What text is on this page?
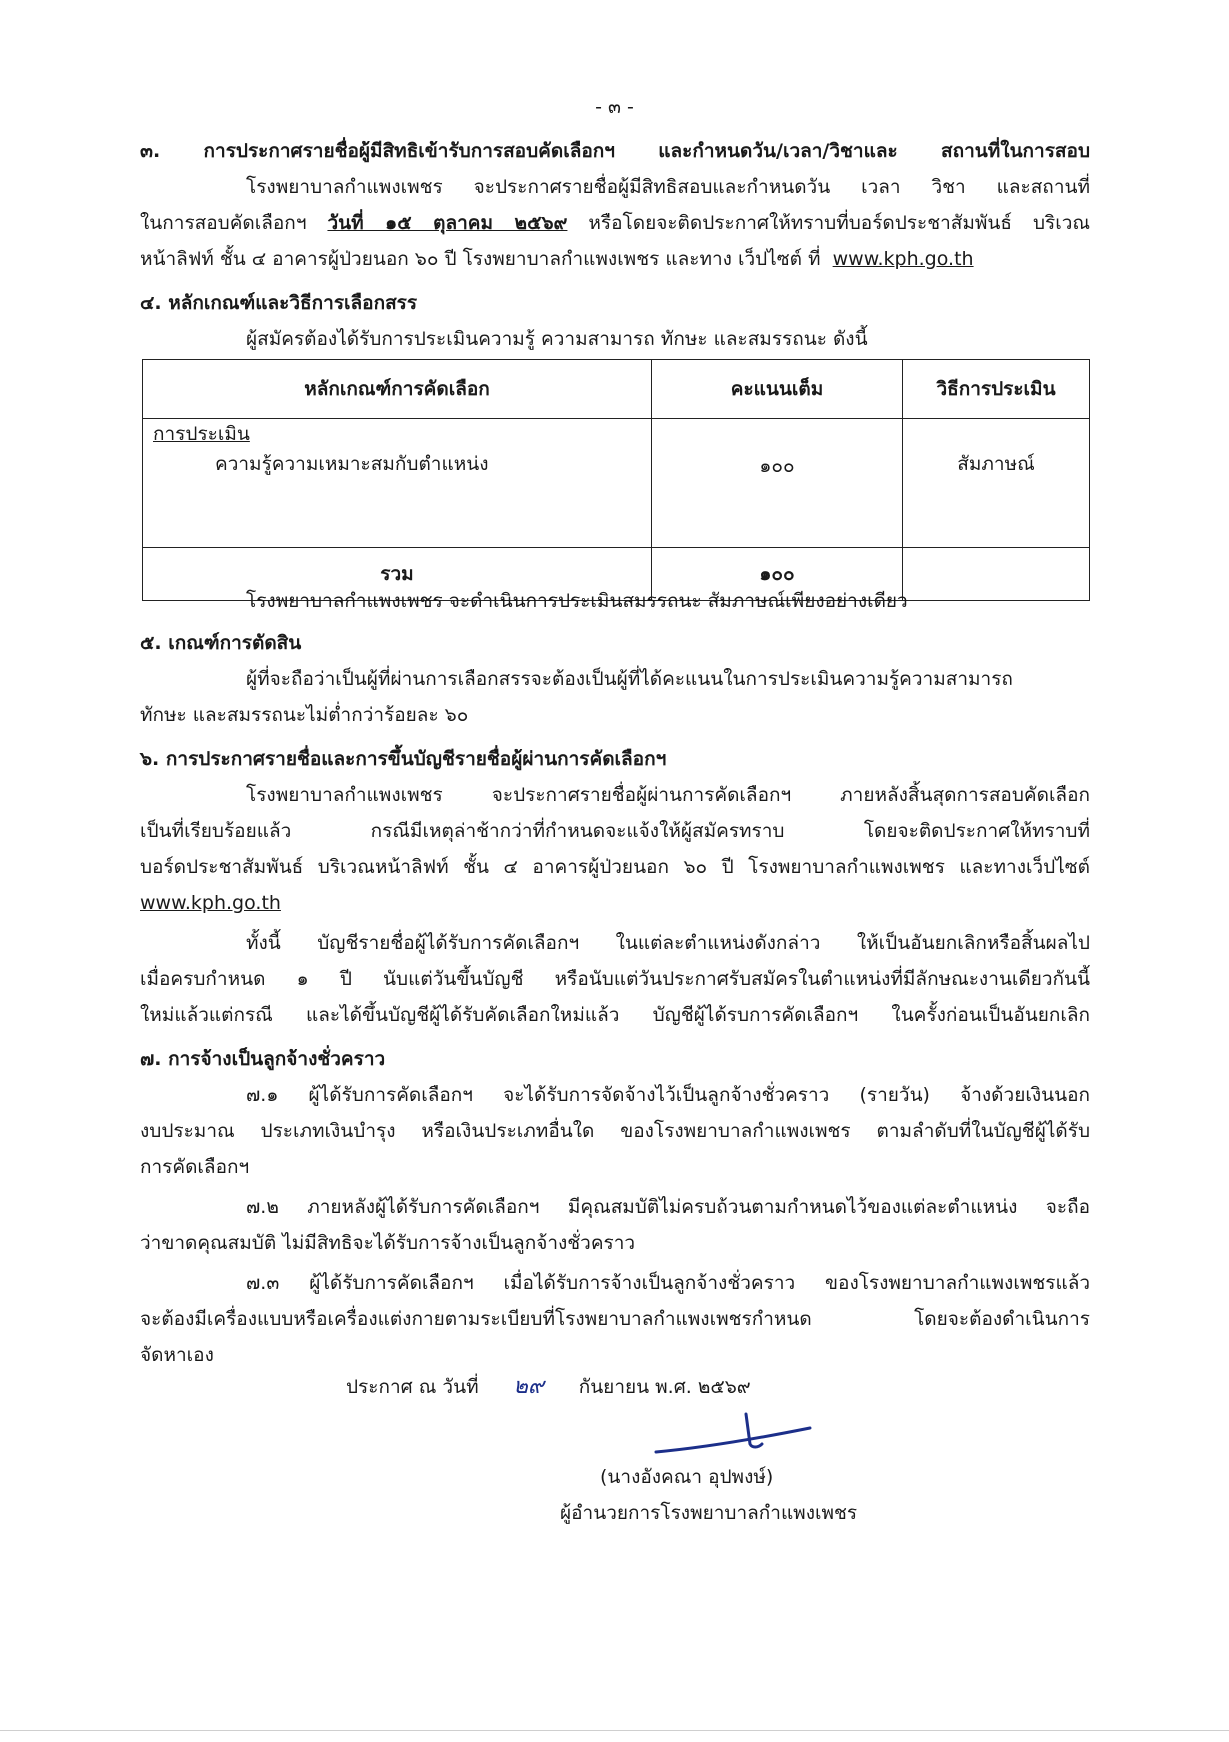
- ๓ -
๓. การประกาศรายชื่อผู้มีสิทธิเข้ารับการสอบคัดเลือกฯ และกำหนดวัน/เวลา/วิชาและ สถานที่ในการสอบ
โรงพยาบาลกำแพงเพชร จะประกาศรายชื่อผู้มีสิทธิสอบและกำหนดวัน เวลา วิชา และสถานที่
ในการสอบคัดเลือกฯ วันที่ ๑๕ ตุลาคม ๒๕๖๙ หรือโดยจะติดประกาศให้ทราบที่บอร์ดประชาสัมพันธ์ บริเวณ
หน้าลิฟท์ ชั้น ๔ อาคารผู้ป่วยนอก ๖๐ ปี โรงพยาบาลกำแพงเพชร และทาง เว็ปไซต์ ที่ www.kph.go.th
๔. หลักเกณฑ์และวิธีการเลือกสรร
ผู้สมัครต้องได้รับการประเมินความรู้ ความสามารถ ทักษะ และสมรรถนะ ดังนี้
หลักเกณฑ์การคัดเลือก	คะแนนเต็ม	วิธีการประเมิน

การประเมิน
ความรู้ความเหมาะสมกับตำแหน่ง	๑๐๐	สัมภาษณ์
รวม	๑๐๐	
โรงพยาบาลกำแพงเพชร จะดำเนินการประเมินสมรรถนะ สัมภาษณ์เพียงอย่างเดียว
๕. เกณฑ์การตัดสิน
ผู้ที่จะถือว่าเป็นผู้ที่ผ่านการเลือกสรรจะต้องเป็นผู้ที่ได้คะแนนในการประเมินความรู้ความสามารถ
ทักษะ และสมรรถนะไม่ต่ำกว่าร้อยละ ๖๐
๖. การประกาศรายชื่อและการขึ้นบัญชีรายชื่อผู้ผ่านการคัดเลือกฯ
โรงพยาบาลกำแพงเพชร จะประกาศรายชื่อผู้ผ่านการคัดเลือกฯ ภายหลังสิ้นสุดการสอบคัดเลือก
เป็นที่เรียบร้อยแล้ว กรณีมีเหตุล่าช้ากว่าที่กำหนดจะแจ้งให้ผู้สมัครทราบ โดยจะติดประกาศให้ทราบที่
บอร์ดประชาสัมพันธ์ บริเวณหน้าลิฟท์ ชั้น ๔ อาคารผู้ป่วยนอก ๖๐ ปี โรงพยาบาลกำแพงเพชร และทางเว็ปไซต์
www.kph.go.th
ทั้งนี้ บัญชีรายชื่อผู้ได้รับการคัดเลือกฯ ในแต่ละตำแหน่งดังกล่าว ให้เป็นอันยกเลิกหรือสิ้นผลไป
เมื่อครบกำหนด ๑ ปี นับแต่วันขึ้นบัญชี หรือนับแต่วันประกาศรับสมัครในตำแหน่งที่มีลักษณะงานเดียวกันนี้
ใหม่แล้วแต่กรณี และได้ขึ้นบัญชีผู้ได้รับคัดเลือกใหม่แล้ว บัญชีผู้ได้รบการคัดเลือกฯ ในครั้งก่อนเป็นอันยกเลิก
๗. การจ้างเป็นลูกจ้างชั่วคราว
๗.๑ ผู้ได้รับการคัดเลือกฯ จะได้รับการจัดจ้างไว้เป็นลูกจ้างชั่วคราว (รายวัน) จ้างด้วยเงินนอก
งบประมาณ ประเภทเงินบำรุง หรือเงินประเภทอื่นใด ของโรงพยาบาลกำแพงเพชร ตามลำดับที่ในบัญชีผู้ได้รับ
การคัดเลือกฯ
๗.๒ ภายหลังผู้ได้รับการคัดเลือกฯ มีคุณสมบัติไม่ครบถ้วนตามกำหนดไว้ของแต่ละตำแหน่ง จะถือ
ว่าขาดคุณสมบัติ ไม่มีสิทธิจะได้รับการจ้างเป็นลูกจ้างชั่วคราว
๗.๓ ผู้ได้รับการคัดเลือกฯ เมื่อได้รับการจ้างเป็นลูกจ้างชั่วคราว ของโรงพยาบาลกำแพงเพชรแล้ว
จะต้องมีเครื่องแบบหรือเครื่องแต่งกายตามระเบียบที่โรงพยาบาลกำแพงเพชรกำหนด โดยจะต้องดำเนินการ
จัดหาเอง
ประกาศ ณ วันที่ ๒๙ กันยายน พ.ศ. ๒๕๖๙
(นางอังคณา อุปพงษ์)
ผู้อำนวยการโรงพยาบาลกำแพงเพชร
